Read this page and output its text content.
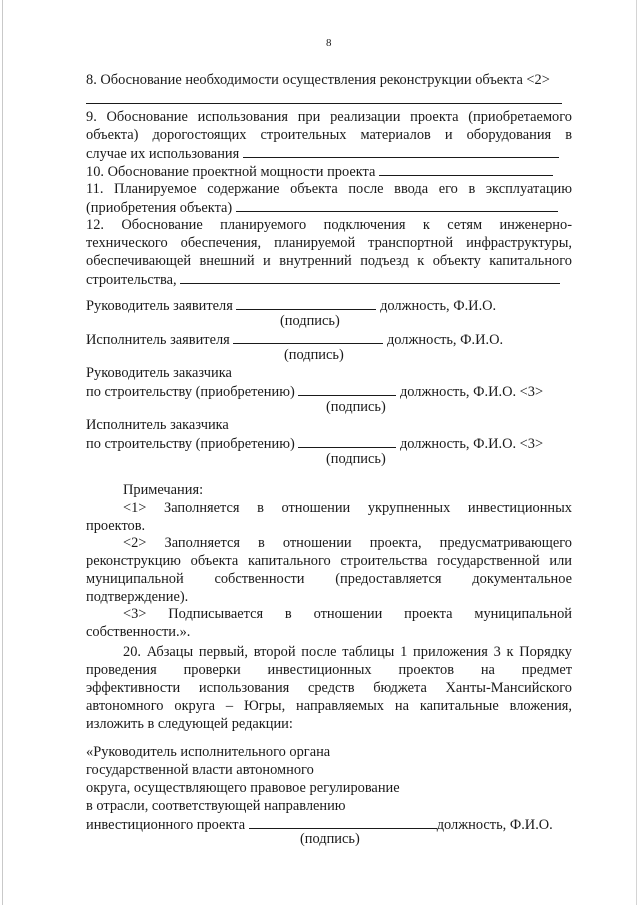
8
8. Обоснование необходимости осуществления реконструкции объекта <2>
9. Обоснование использования при реализации проекта (приобретаемого
объекта) дорогостоящих строительных материалов и оборудования в
случае их использования
10. Обоснование проектной мощности проекта
11. Планируемое содержание объекта после ввода его в эксплуатацию
(приобретения объекта)
12. Обоснование планируемого подключения к сетям инженерно-
технического обеспечения, планируемой транспортной инфраструктуры,
обеспечивающей внешний и внутренний подъезд к объекту капитального
строительства,
Руководитель заявителя	должность, Ф.И.О.
(подпись)
Исполнитель заявителя	должность, Ф.И.О.
(подпись)
Руководитель заказчика
по строительству (приобретению)	должность, Ф.И.О. <3>
(подпись)
Исполнитель заказчика
по строительству (приобретению)	должность, Ф.И.О. <3>
(подпись)
Примечания:
<1> Заполняется в отношении укрупненных инвестиционных
проектов.
<2> Заполняется в отношении проекта, предусматривающего
реконструкцию объекта капитального строительства государственной или
муниципальной собственности (предоставляется документальное
подтверждение).
<3> Подписывается в отношении проекта муниципальной
собственности.».
20. Абзацы первый, второй после таблицы 1 приложения 3 к Порядку
проведения проверки инвестиционных проектов на предмет
эффективности использования средств бюджета Ханты-Мансийского
автономного округа – Югры, направляемых на капитальные вложения,
изложить в следующей редакции:
«Руководитель исполнительного органа
государственной власти автономного
округа, осуществляющего правовое регулирование
в отрасли, соответствующей направлению
инвестиционного проекта	должность, Ф.И.О.
(подпись)
